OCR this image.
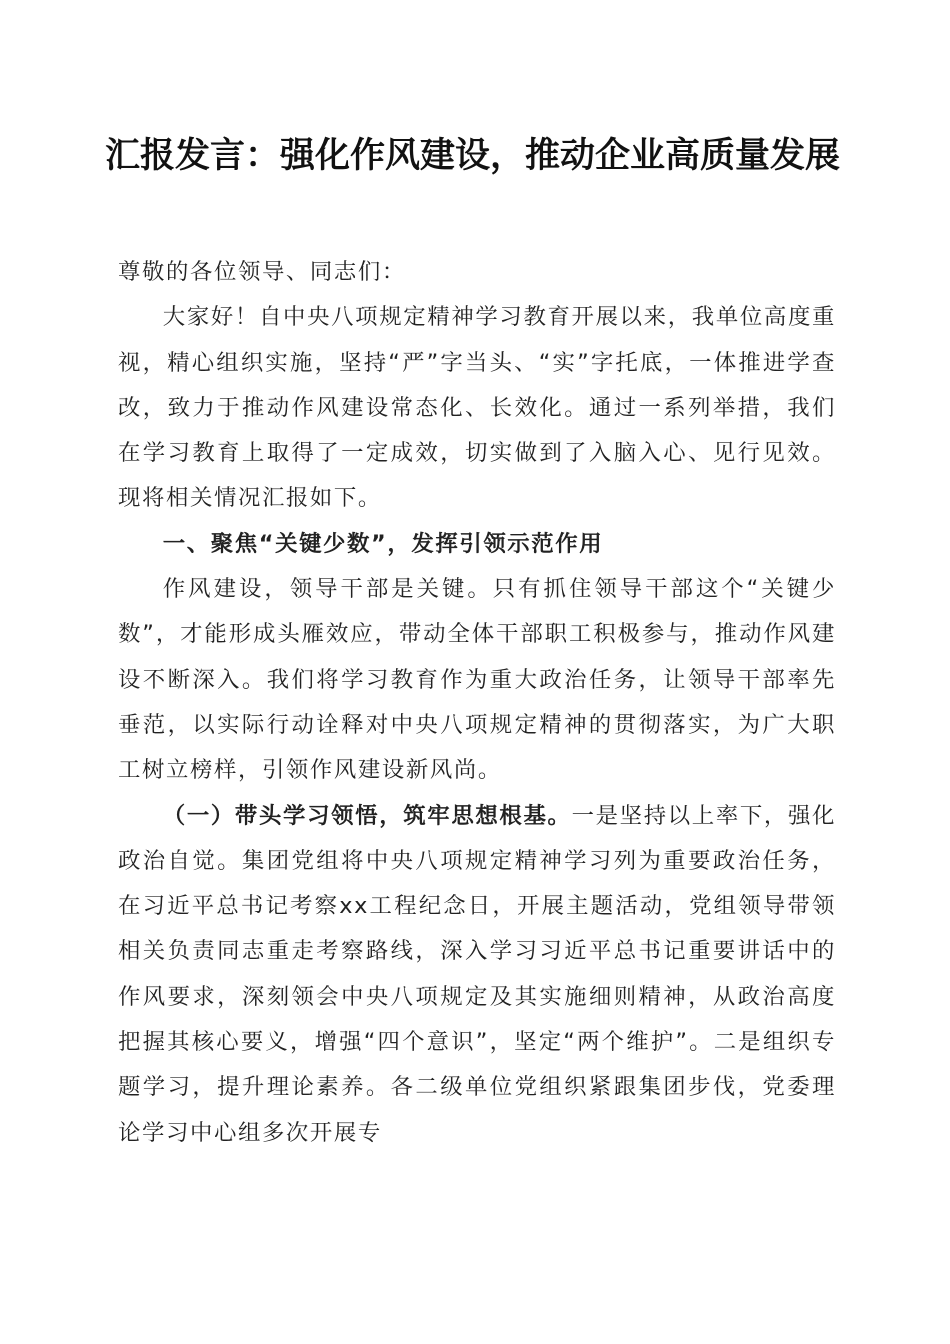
汇报发言：强化作风建设，推动企业高质量发展

尊敬的各位领导、同志们：

大家好！自中央八项规定精神学习教育开展以来，我单位高度重视，精心组织实施，坚持“严”字当头、“实”字托底，一体推进学查改，致力于推动作风建设常态化、长效化。通过一系列举措，我们在学习教育上取得了一定成效，切实做到了入脑入心、见行见效。现将相关情况汇报如下。

一、聚焦“关键少数”，发挥引领示范作用

作风建设，领导干部是关键。只有抓住领导干部这个“关键少数”，才能形成头雁效应，带动全体干部职工积极参与，推动作风建设不断深入。我们将学习教育作为重大政治任务，让领导干部率先垂范，以实际行动诠释对中央八项规定精神的贯彻落实，为广大职工树立榜样，引领作风建设新风尚。

（一）带头学习领悟，筑牢思想根基。一是坚持以上率下，强化政治自觉。集团党组将中央八项规定精神学习列为重要政治任务，在习近平总书记考察xx工程纪念日，开展主题活动，党组领导带领相关负责同志重走考察路线，深入学习习近平总书记重要讲话中的作风要求，深刻领会中央八项规定及其实施细则精神，从政治高度把握其核心要义，增强“四个意识”，坚定“两个维护”。二是组织专题学习，提升理论素养。各二级单位党组织紧跟集团步伐，党委理论学习中心组多次开展专
